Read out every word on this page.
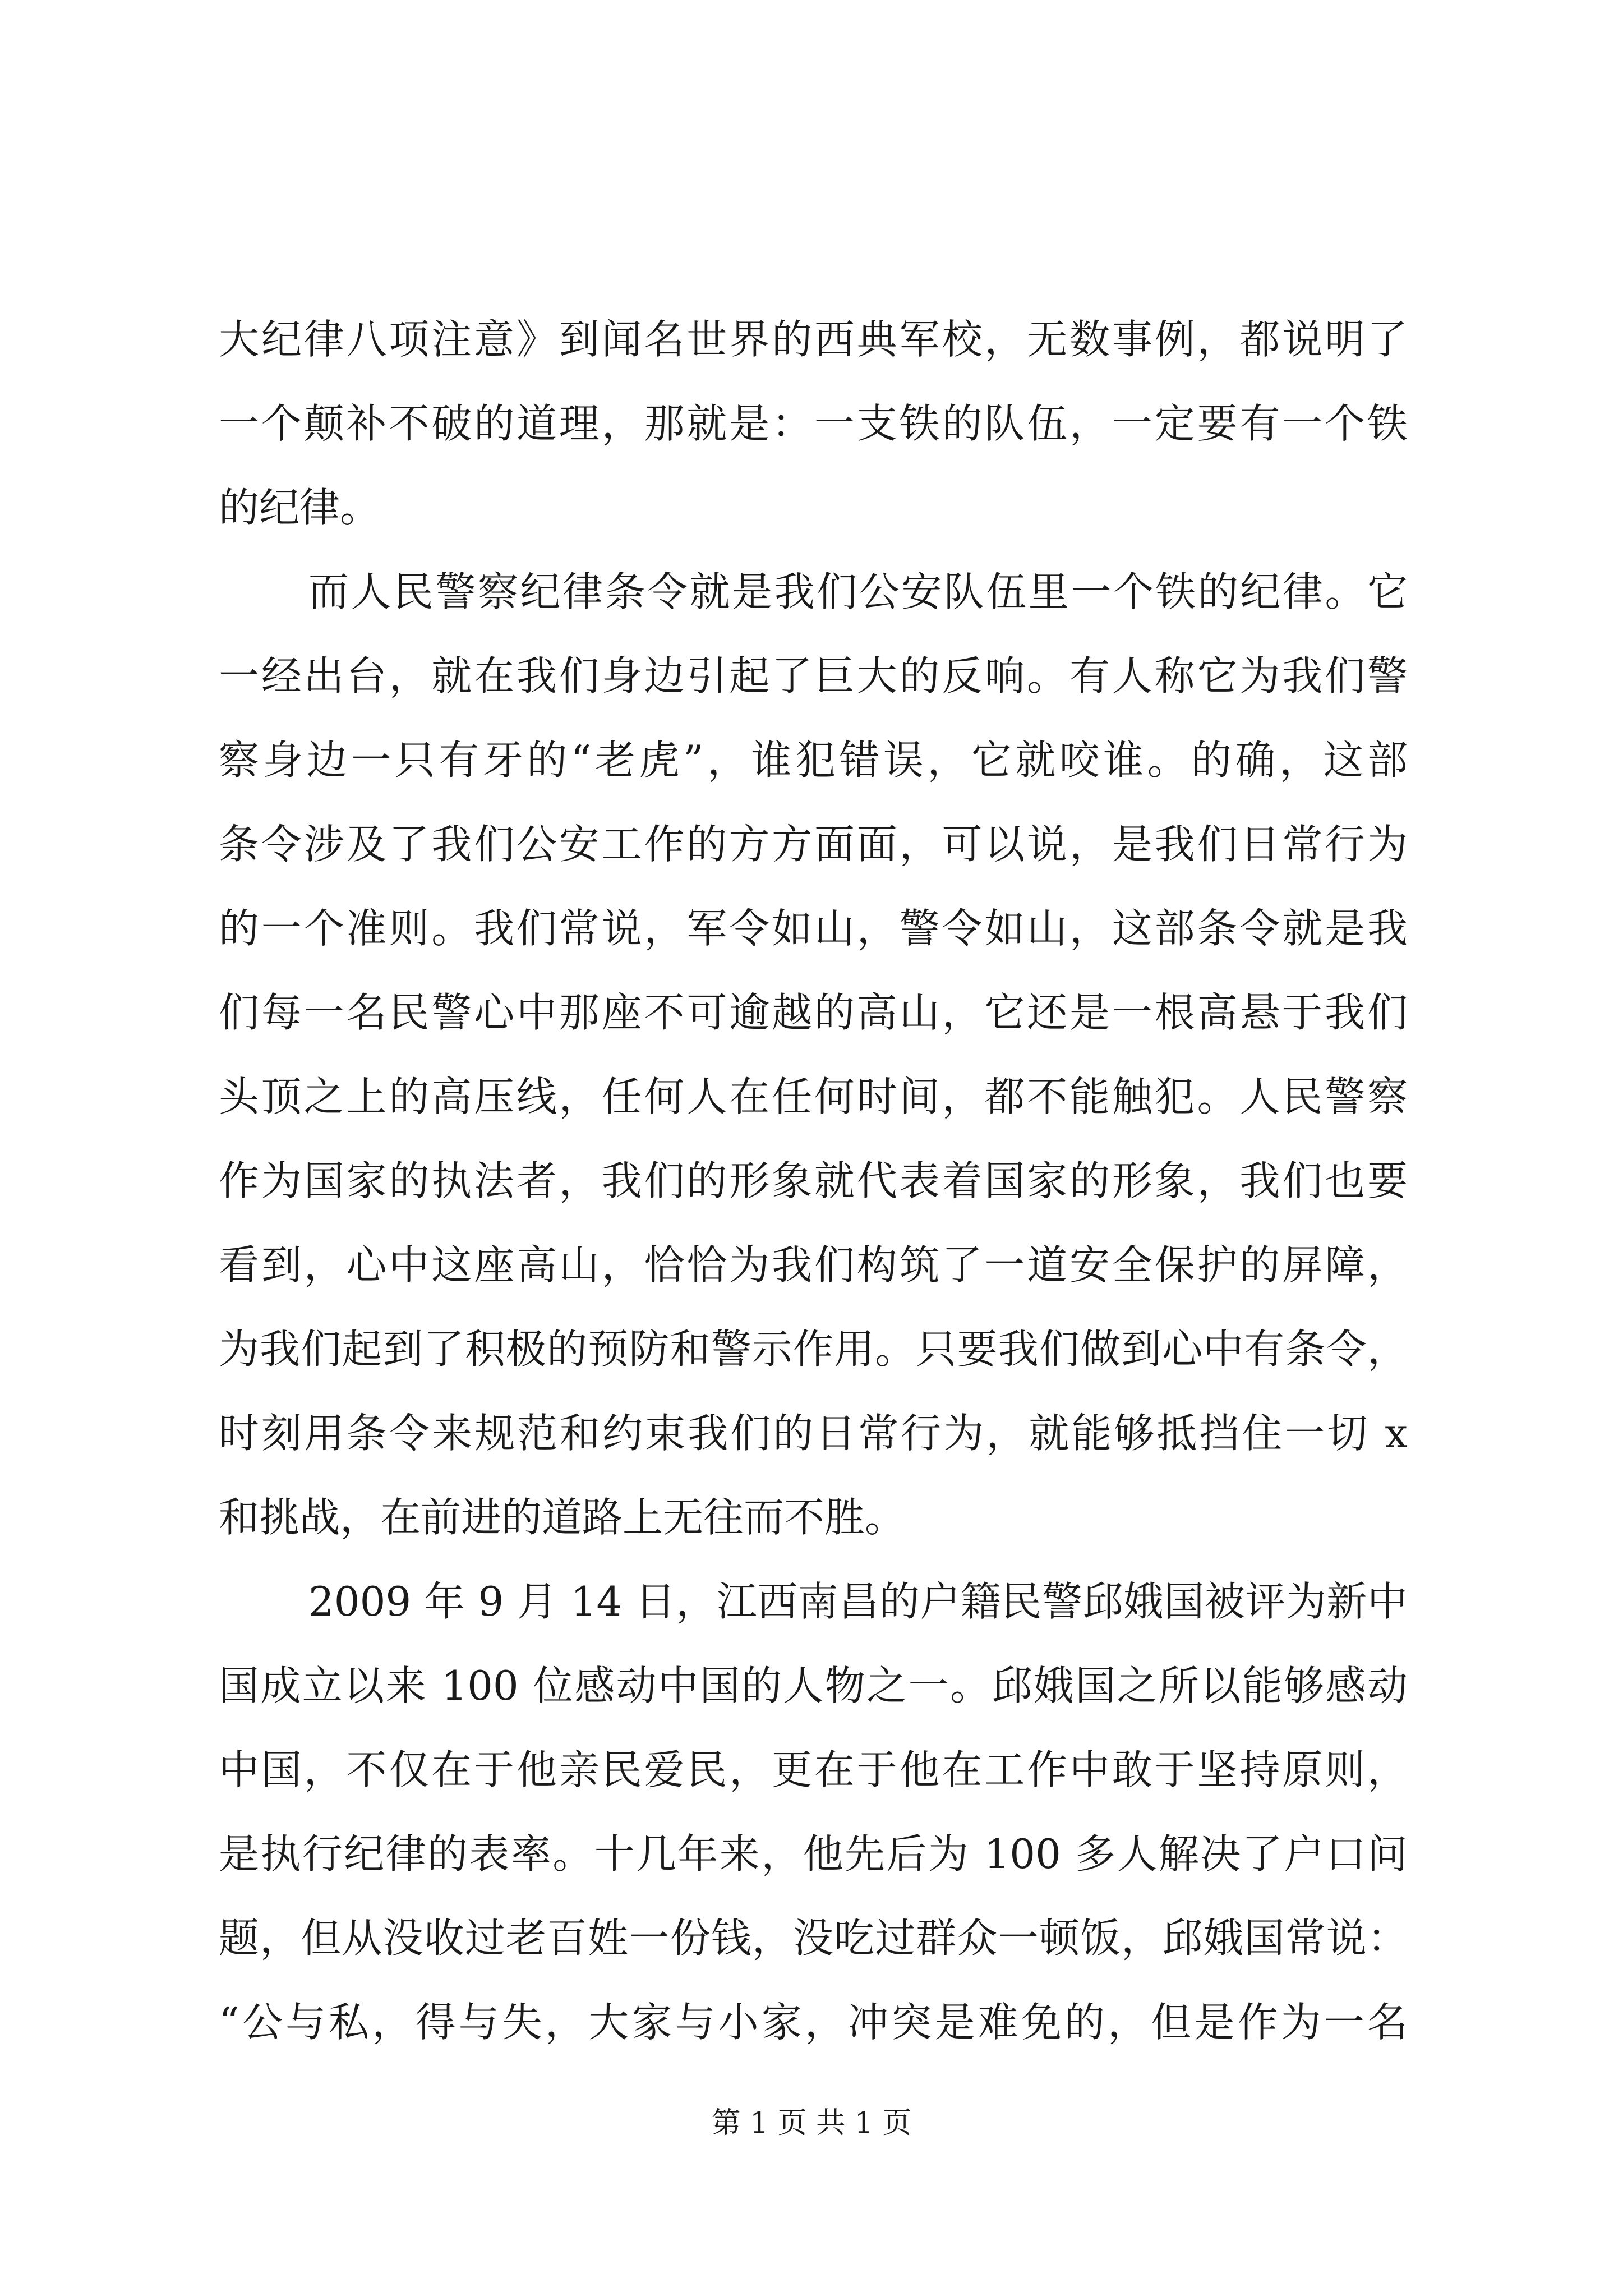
大纪律八项注意》到闻名世界的西典军校，无数事例，都说明了
一个颠补不破的道理，那就是：一支铁的队伍，一定要有一个铁
的纪律。
而人民警察纪律条令就是我们公安队伍里一个铁的纪律。它
一经出台，就在我们身边引起了巨大的反响。有人称它为我们警
察身边一只有牙的“老虎”，谁犯错误，它就咬谁。的确，这部
条令涉及了我们公安工作的方方面面，可以说，是我们日常行为
的一个准则。我们常说，军令如山，警令如山，这部条令就是我
们每一名民警心中那座不可逾越的高山，它还是一根高悬于我们
头顶之上的高压线，任何人在任何时间，都不能触犯。人民警察
作为国家的执法者，我们的形象就代表着国家的形象，我们也要
看到，心中这座高山，恰恰为我们构筑了一道安全保护的屏障，
为我们起到了积极的预防和警示作用。只要我们做到心中有条令，
时刻用条令来规范和约束我们的日常行为，就能够抵挡住一切 x
和挑战，在前进的道路上无往而不胜。
2009 年 9 月 14 日，江西南昌的户籍民警邱娥国被评为新中
国成立以来 100 位感动中国的人物之一。邱娥国之所以能够感动
中国，不仅在于他亲民爱民，更在于他在工作中敢于坚持原则，
是执行纪律的表率。十几年来，他先后为 100 多人解决了户口问
题，但从没收过老百姓一份钱，没吃过群众一顿饭，邱娥国常说：
“公与私，得与失，大家与小家，冲突是难免的，但是作为一名
第 1 页 共 1 页
